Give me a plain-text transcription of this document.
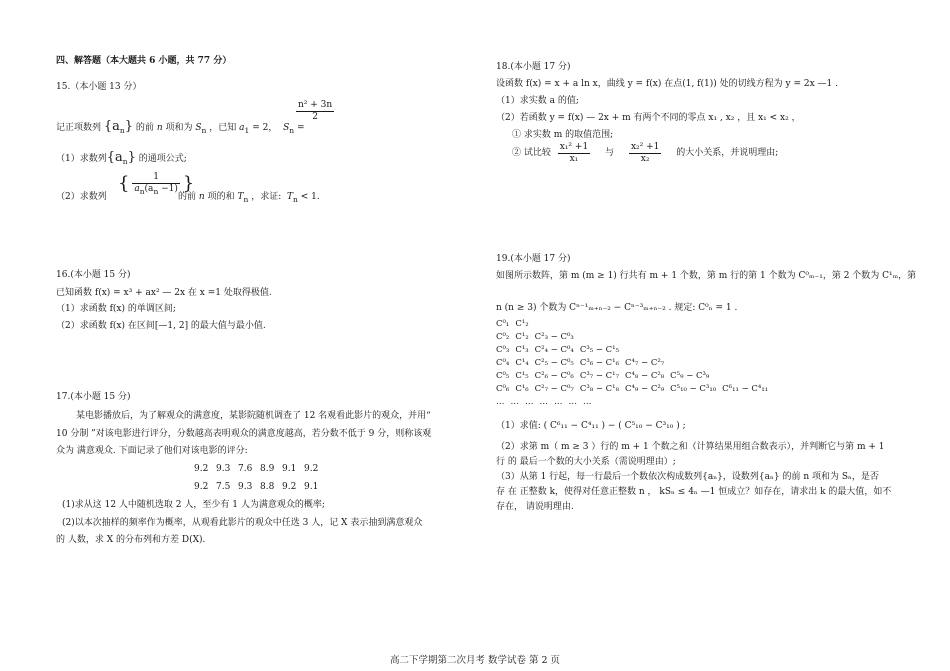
四、解答题（本大题共 6 小题，共 77 分）
15.（本小题 13 分）
记正项数列 $\{a_n\}$ 的前 n 项和为 $S_n$ ，已知 $a_1 = 2$， $S_n$ =
$\frac{\text{n² + 3n}}{2}$
（1）求数列$\{a_n\}$ 的通项公式;
（2）求数列
{ $\frac{1}{a_n(a_n -1)}$ }
的前 n 项的和 $T_n$ ，求证: $T_n < 1$.
16.(本小题 15 分)
已知函数 f(x) = x³ + ax² — 2x 在 x =1 处取得极值.
（1）求函数 f(x) 的单调区间;
（2）求函数 f(x) 在区间[—1, 2] 的最大值与最小值.
17.(本小题 15 分)
某电影播放后，为了解观众的满意度，某影院随机调查了 12 名观看此影片的观众，并用“
10 分制 ”对该电影进行评分，分数越高表明观众的满意度越高，若分数不低于 9 分，则称该观
众为 满意观众. 下面记录了他们对该电影的评分:
9.2 9.3 7.6 8.9 9.1 9.2
9.2 7.5 9.3 8.8 9.2 9.1
(1)求从这 12 人中随机选取 2 人，至少有 1 人为满意观众的概率;
(2)以本次抽样的频率作为概率，从观看此影片的观众中任选 3 人，记 X 表示抽到满意观众
的 人数，求 X 的分布列和方差 D(X).
18.(本小题 17 分)
设函数 f(x) = x + a ln x，曲线 y = f(x) 在点(1, f(1)) 处的切线方程为 y = 2x —1 .
（1）求实数 a 的值;
（2）若函数 y = f(x) — 2x + m 有两个不同的零点 x₁ , x₂ ，且 x₁ < x₂ ，
① 求实数 m 的取值范围;
② 试比较 $\frac{\text{x₁² +1}}{\text{x₁}}$ 与 $\frac{\text{x₂² +1}}{\text{x₂}}$ 的大小关系，并说明理由;
19.(本小题 17 分)
如图所示数阵，第 m (m ≥ 1) 行共有 m + 1 个数，第 m 行的第 1 个数为 C⁰ₘ₋₁，第 2 个数为 C¹ₘ，第
n (n ≥ 3) 个数为 Cⁿ⁻¹ₘ₊ₙ₋₂ − Cⁿ⁻³ₘ₊ₙ₋₂ . 规定: C⁰ₙ = 1 .
C⁰₁ C¹₂
C⁰₂ C¹₂ C²₃ − C⁰₃
C⁰₃ C¹₃ C²₄ − C⁰₄ C³₅ − C¹₅
C⁰₄ C¹₄ C²₅ − C⁰₅ C³₆ − C¹₆ C⁴₇ − C²₇
C⁰₅ C¹₅ C²₆ − C⁰₆ C³₇ − C¹₇ C⁴₈ − C²₈ C⁵₉ − C³₉
C⁰₆ C¹₆ C²₇ − C⁰₇ C³₈ − C¹₈ C⁴₉ − C²₉ C⁵₁₀ − C³₁₀ C⁶₁₁ − C⁴₁₁
… … … … … … …
（1）求值: ( C⁶₁₁ − C⁴₁₁ ) − ( C⁵₁₀ − C³₁₀ ) ;
（2）求第 m（ m ≥ 3 ）行的 m + 1 个数之和（计算结果用组合数表示），并判断它与第 m + 1
行 的 最后一个数的大小关系（需说明理由）;
（3）从第 1 行起，每一行最后一个数依次构成数列{aₙ}，设数列{aₙ} 的前 n 项和为 Sₙ，是否
存 在 正整数 k，使得对任意正整数 n ， kSₙ ≤ 4ₙ —1 恒成立？如存在，请求出 k 的最大值，如不
存在， 请说明理由.
高二下学期第二次月考 数学试卷 第 2 页
